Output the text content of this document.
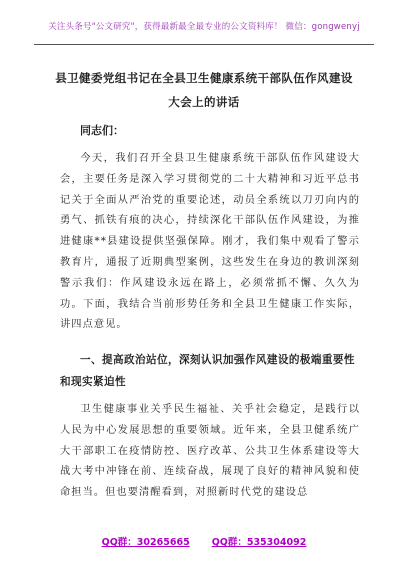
关注头条号"公文研究"，获得最新最全最专业的公文资料库！ 微信：gongwenyj
县卫健委党组书记在全县卫生健康系统干部队伍作风建设
大会上的讲话
同志们：
今天，我们召开全县卫生健康系统干部队伍作风建设大会，主要任务是深入学习贯彻党的二十大精神和习近平总书记关于全面从严治党的重要论述，动员全系统以刀刃向内的勇气、抓铁有痕的决心，持续深化干部队伍作风建设，为推进健康**县建设提供坚强保障。刚才，我们集中观看了警示教育片，通报了近期典型案例，这些发生在身边的教训深刻警示我们：作风建设永远在路上，必须常抓不懈、久久为功。下面，我结合当前形势任务和全县卫生健康工作实际，讲四点意见。
一、提高政治站位，深刻认识加强作风建设的极端重要性和现实紧迫性
卫生健康事业关乎民生福祉、关乎社会稳定，是践行以人民为中心发展思想的重要领域。近年来，全县卫健系统广大干部职工在疫情防控、医疗改革、公共卫生体系建设等大战大考中冲锋在前、连续奋战，展现了良好的精神风貌和使命担当。但也要清醒看到，对照新时代党的建设总
QQ群：30265665 QQ群：535304092
